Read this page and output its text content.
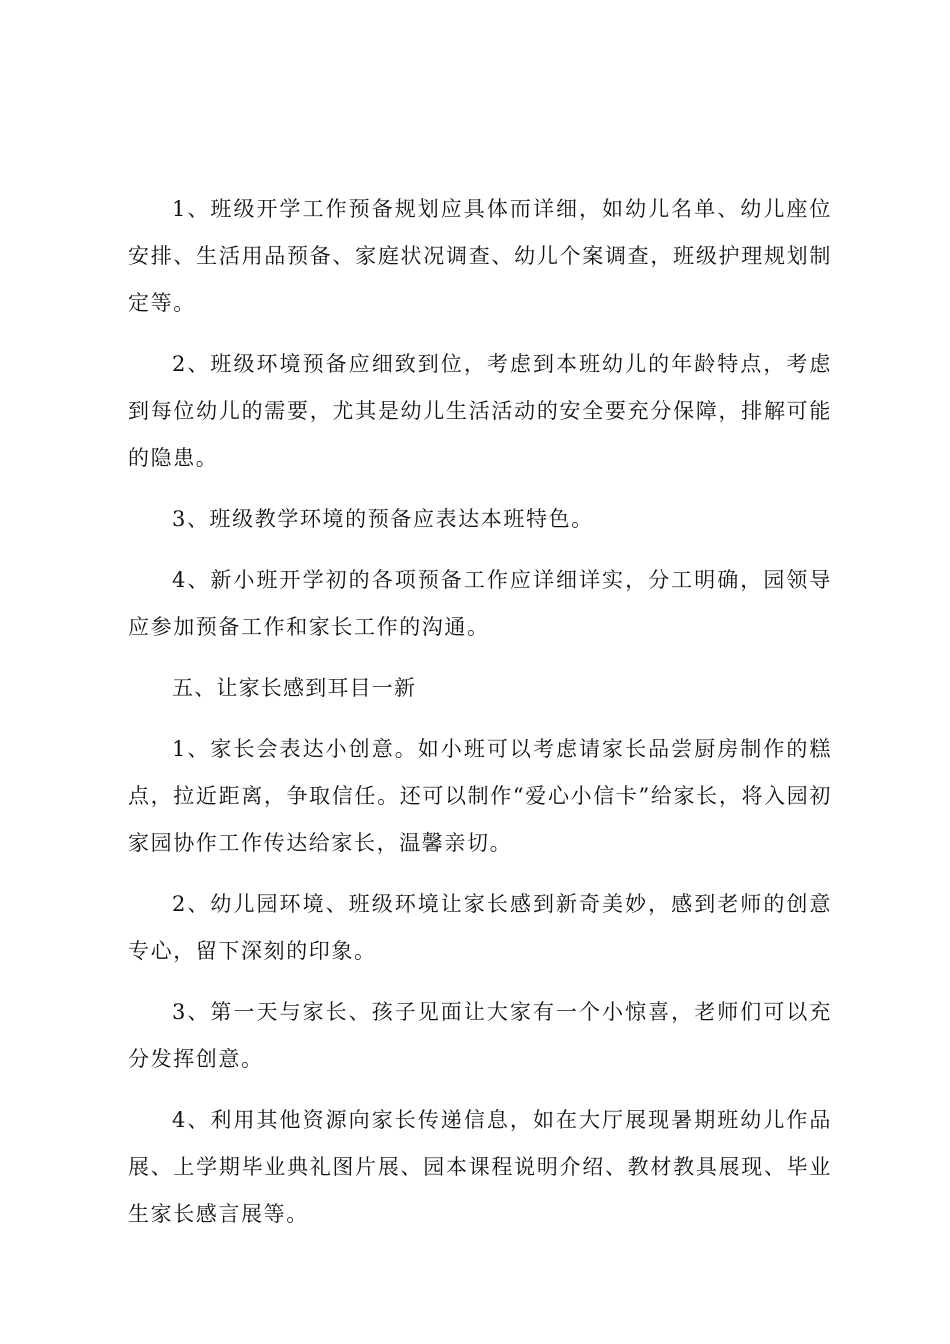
1、班级开学工作预备规划应具体而详细，如幼儿名单、幼儿座位安排、生活用品预备、家庭状况调查、幼儿个案调查，班级护理规划制定等。

2、班级环境预备应细致到位，考虑到本班幼儿的年龄特点，考虑到每位幼儿的需要，尤其是幼儿生活活动的安全要充分保障，排解可能的隐患。

3、班级教学环境的预备应表达本班特色。

4、新小班开学初的各项预备工作应详细详实，分工明确，园领导应参加预备工作和家长工作的沟通。

五、让家长感到耳目一新

1、家长会表达小创意。如小班可以考虑请家长品尝厨房制作的糕点，拉近距离，争取信任。还可以制作“爱心小信卡”给家长，将入园初家园协作工作传达给家长，温馨亲切。

2、幼儿园环境、班级环境让家长感到新奇美妙，感到老师的创意专心，留下深刻的印象。

3、第一天与家长、孩子见面让大家有一个小惊喜，老师们可以充分发挥创意。

4、利用其他资源向家长传递信息，如在大厅展现暑期班幼儿作品展、上学期毕业典礼图片展、园本课程说明介绍、教材教具展现、毕业生家长感言展等。
